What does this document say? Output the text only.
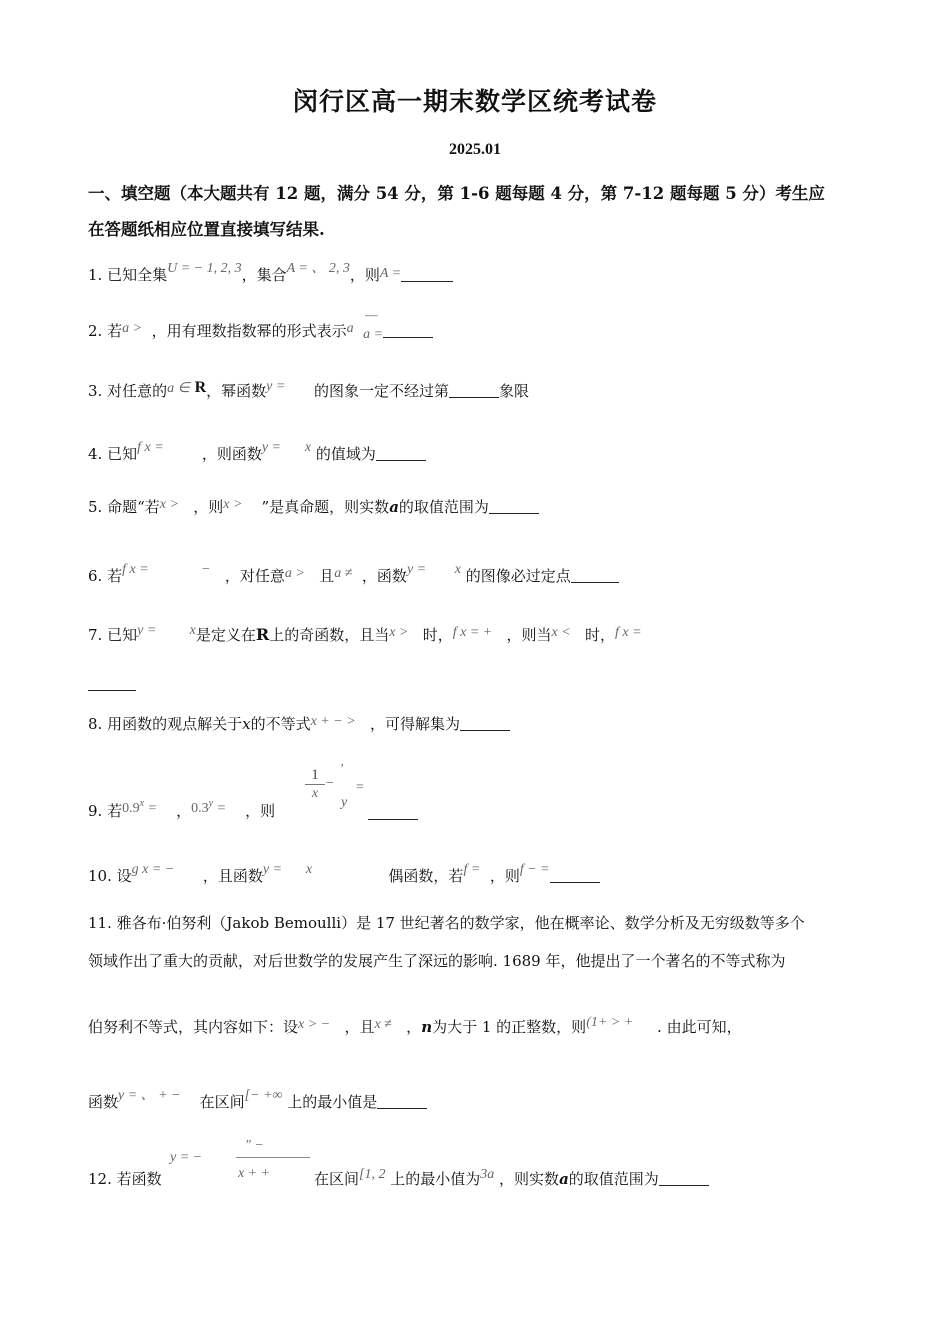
闵行区高一期末数学区统考试卷
2025.01
一、填空题（本大题共有 12 题，满分 54 分，第 1-6 题每题 4 分，第 7-12 题每题 5 分）考生应
在答题纸相应位置直接填写结果.
1. 已知全集U = − 1, 2, 3，集合A = 、 2, 3，则A =
2. 若a > ，用有理数指数幂的形式表示a
—
a =
3. 对任意的a ∈ R，幂函数y = 的图象一定不经过第	象限
4. 已知f x =	，则函数y = x 的值域为
5. 命题“若x > ，则x > ”是真命题，则实数a的取值范围为
6. 若f x =	− ，对任意a > 且a ≠ ，函数y = x 的图像必过定点
7. 已知y = x是定义在R上的奇函数，且当x > 时，f x = + ，则当x < 时，f x =
8. 用函数的观点解关于x的不等式x + − > ，可得解集为
9. 若$0.9^x$ = ，$0.3^y$ = ，则
$\frac{1}{x}$ −
'
y
=
10. 设g x = − ，且函数y = x	偶函数，若f = ，则f − =
11. 雅各布·伯努利（Jakob Bemoulli）是 17 世纪著名的数学家，他在概率论、数学分析及无穷级数等多个
领域作出了重大的贡献，对后世数学的发展产生了深远的影响. 1689 年，他提出了一个著名的不等式称为
伯努利不等式，其内容如下：设x > − ，且x ≠ ，n为大于 1 的正整数，则(1+ > + . 由此可知，
函数y = 、 + − 在区间[− +∞ 上的最小值是
″ −
12. 若函数
y = −
x + +	在区间[1, 2 上的最小值为3a ，则实数a的取值范围为
